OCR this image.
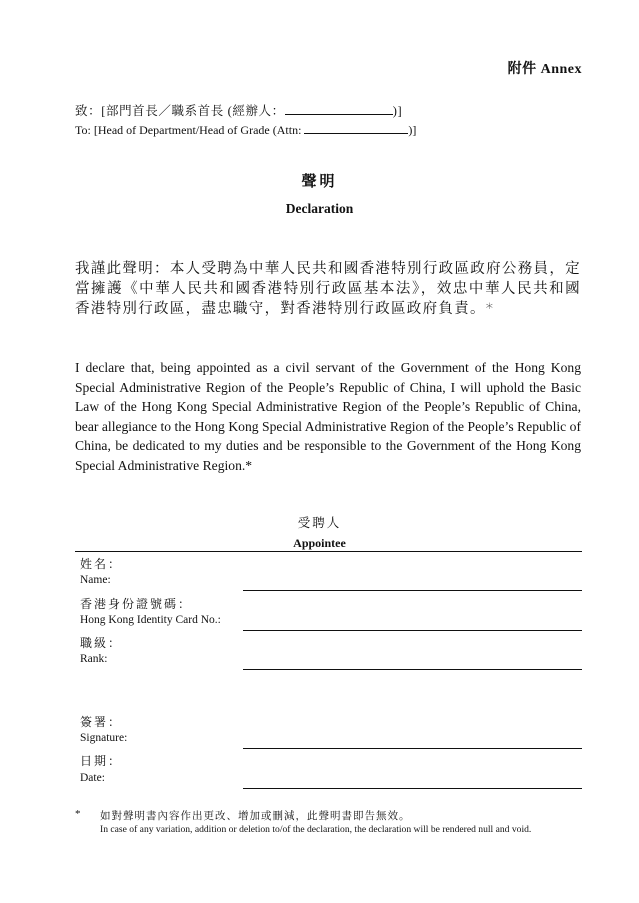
附件 Annex
致：[部門首長／職系首長 (經辦人：	)]
To: [Head of Department/Head of Grade (Attn:	)]
聲明
Declaration
我謹此聲明：本人受聘為中華人民共和國香港特別行政區政府公務員，定當擁護《中華人民共和國香港特別行政區基本法》，效忠中華人民共和國香港特別行政區，盡忠職守，對香港特別行政區政府負責。*
I declare that, being appointed as a civil servant of the Government of the Hong Kong Special Administrative Region of the People’s Republic of China, I will uphold the Basic Law of the Hong Kong Special Administrative Region of the People’s Republic of China, bear allegiance to the Hong Kong Special Administrative Region of the People’s Republic of China, be dedicated to my duties and be responsible to the Government of the Hong Kong Special Administrative Region.*
受聘人
Appointee
姓名：
Name:
香港身份證號碼：
Hong Kong Identity Card No.:
職級：
Rank:
簽署：
Signature:
日期：
Date:
* 如對聲明書內容作出更改、增加或刪減，此聲明書即告無效。
In case of any variation, addition or deletion to/of the declaration, the declaration will be rendered null and void.
